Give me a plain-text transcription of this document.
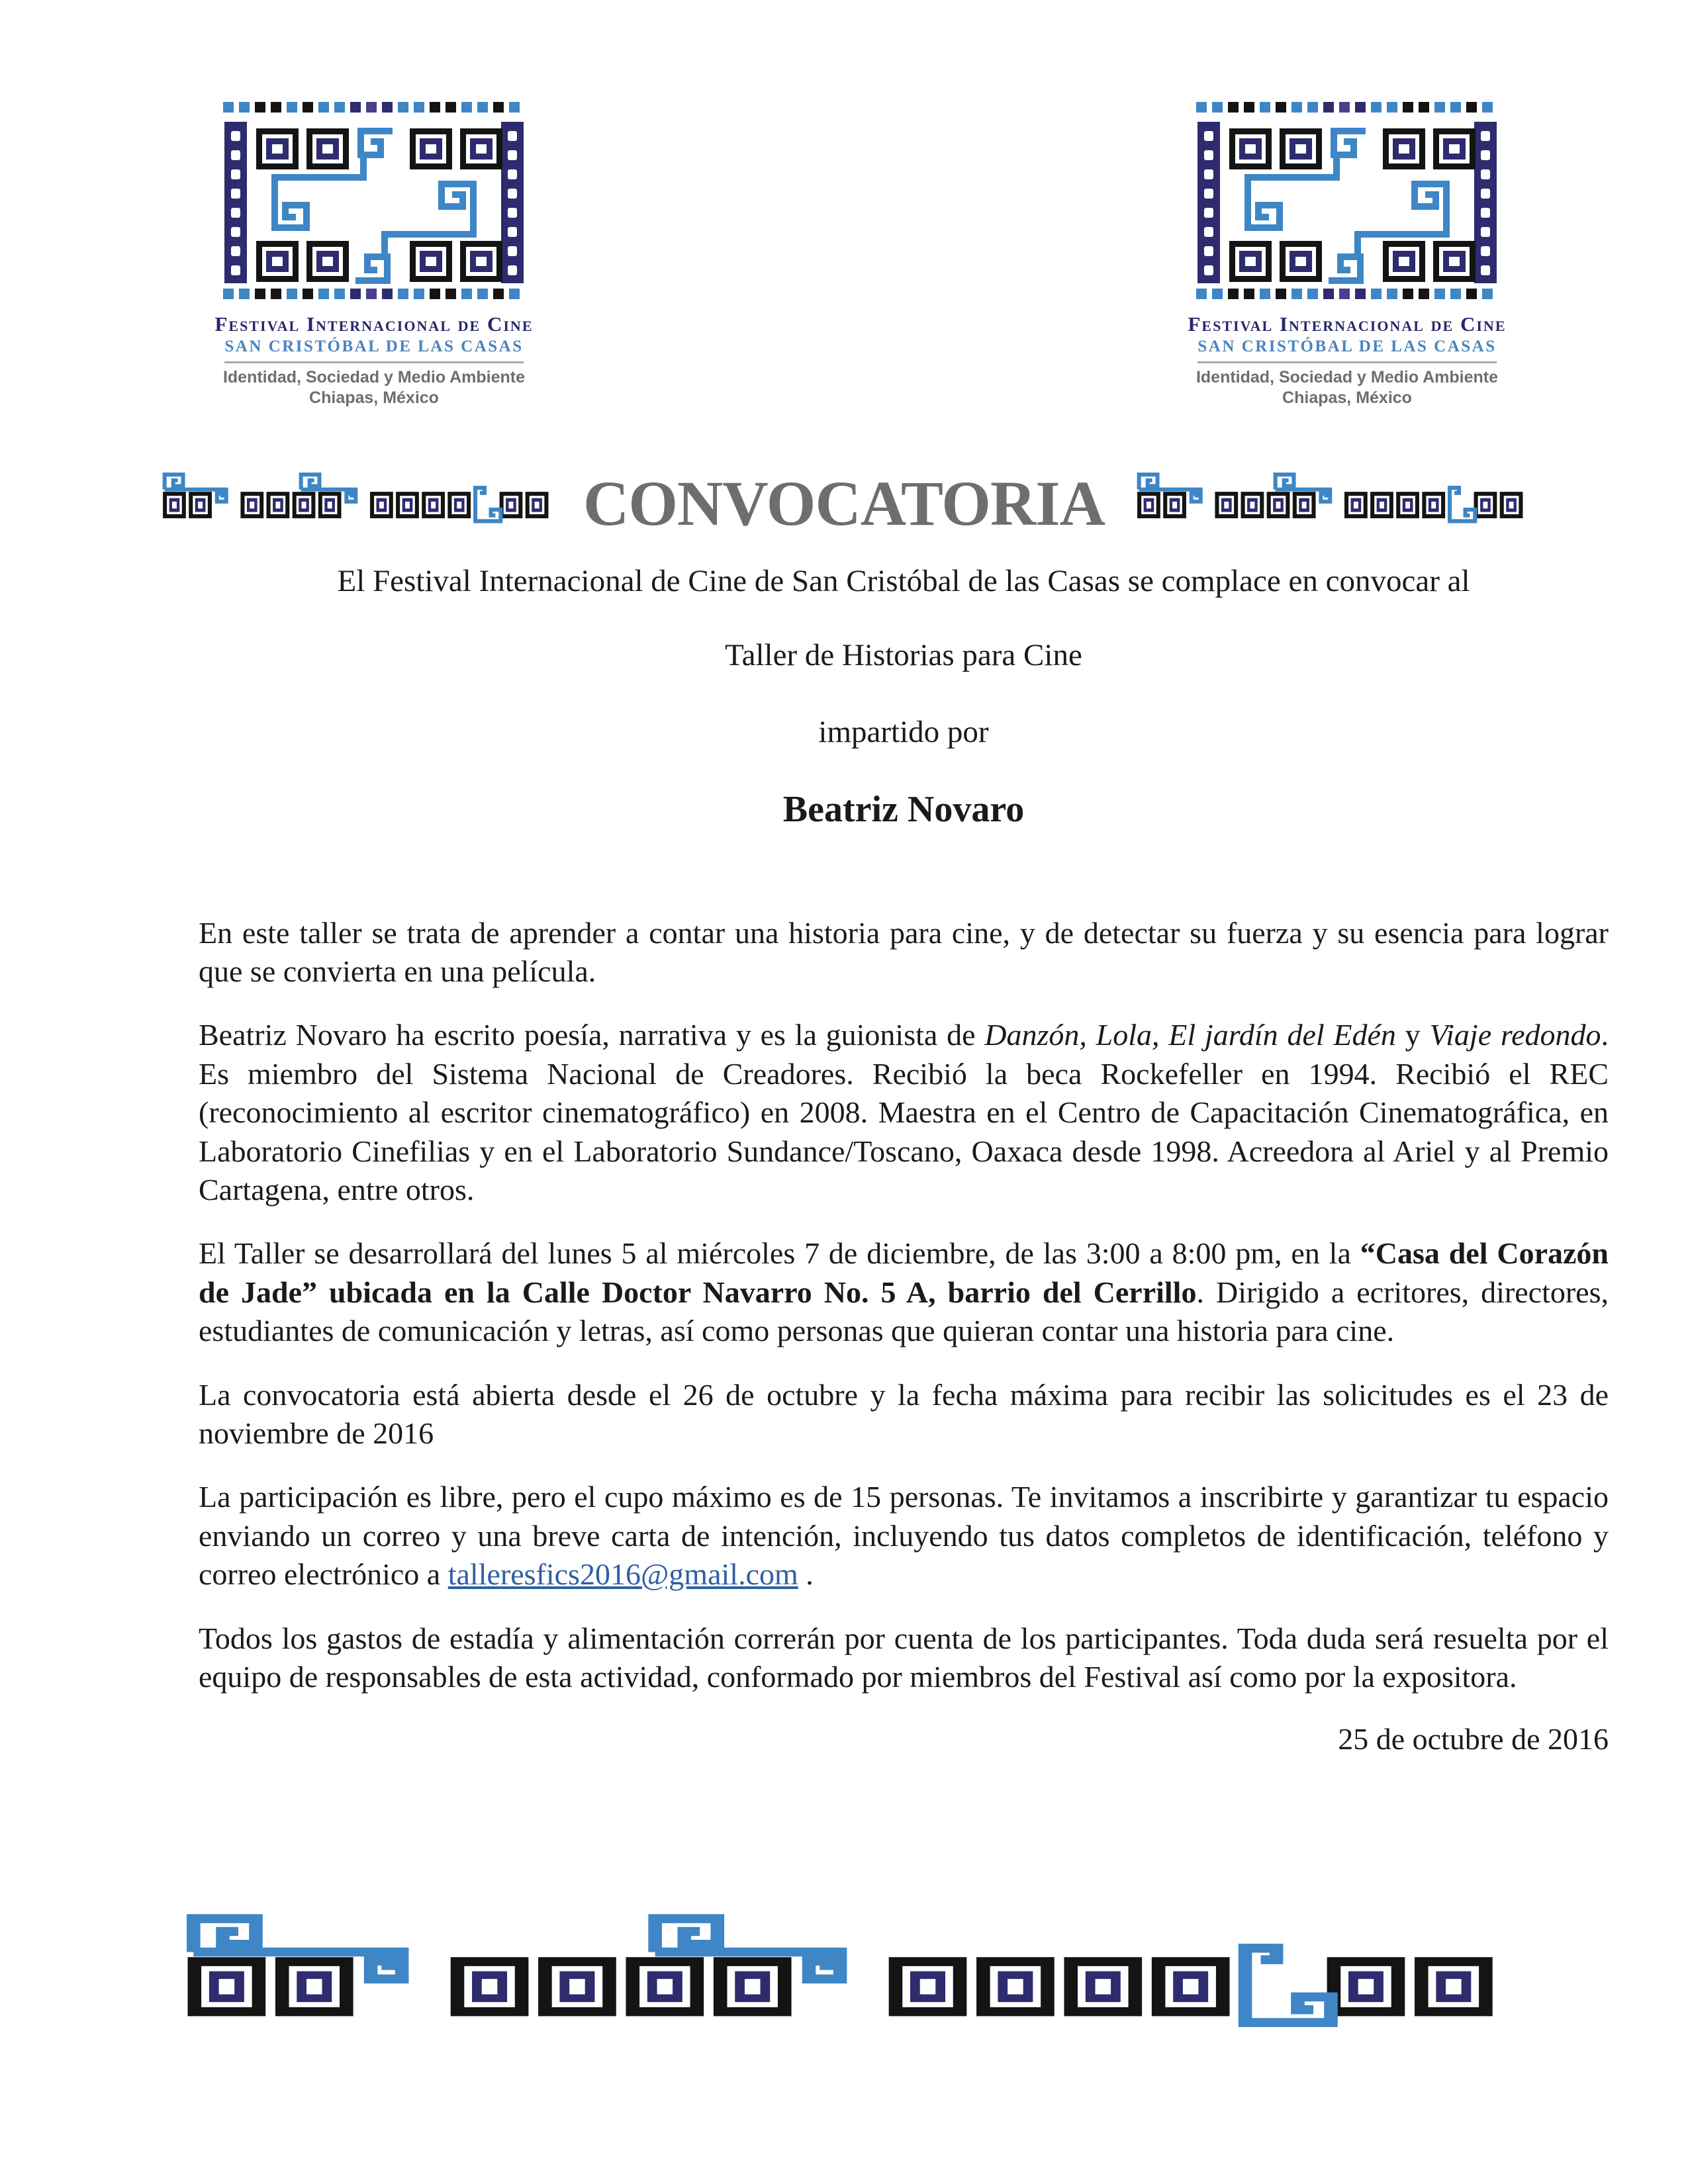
Festival Internacional de Cine
SAN CRISTÓBAL DE LAS CASAS
Identidad, Sociedad y Medio Ambiente
Chiapas, México
Festival Internacional de Cine
SAN CRISTÓBAL DE LAS CASAS
Identidad, Sociedad y Medio Ambiente
Chiapas, México
CONVOCATORIA
El Festival Internacional de Cine de San Cristóbal de las Casas se complace en convocar al
Taller de Historias para Cine
impartido por
Beatriz Novaro

En este taller se trata de aprender a contar una historia para cine, y de detectar su fuerza y su esencia para lograr que se convierta en una película.

Beatriz Novaro ha escrito poesía, narrativa y es la guionista de Danzón, Lola, El jardín del Edén y Viaje redondo. Es miembro del Sistema Nacional de Creadores. Recibió la beca Rockefeller en 1994. Recibió el REC (reconocimiento al escritor cinematográfico) en 2008. Maestra en el Centro de Capacitación Cinematográfica, en Laboratorio Cinefilias y en el Laboratorio Sundance/Toscano, Oaxaca desde 1998. Acreedora al Ariel y al Premio Cartagena, entre otros.

El Taller se desarrollará del lunes 5 al miércoles 7 de diciembre, de las 3:00 a 8:00 pm, en la “Casa del Corazón de Jade” ubicada en la Calle Doctor Navarro No. 5 A, barrio del Cerrillo. Dirigido a ecritores, directores, estudiantes de comunicación y letras, así como personas que quieran contar una historia para cine.

La convocatoria está abierta desde el 26 de octubre y la fecha máxima para recibir las solicitudes es el 23 de noviembre de 2016

La participación es libre, pero el cupo máximo es de 15 personas. Te invitamos a inscribirte y garantizar tu espacio enviando un correo y una breve carta de intención, incluyendo tus datos completos de identificación, teléfono y correo electrónico a talleresfics2016@gmail.com .

Todos los gastos de estadía y alimentación correrán por cuenta de los participantes. Toda duda será resuelta por el equipo de responsables de esta actividad, conformado por miembros del Festival así como por la expositora.

25 de octubre de 2016
